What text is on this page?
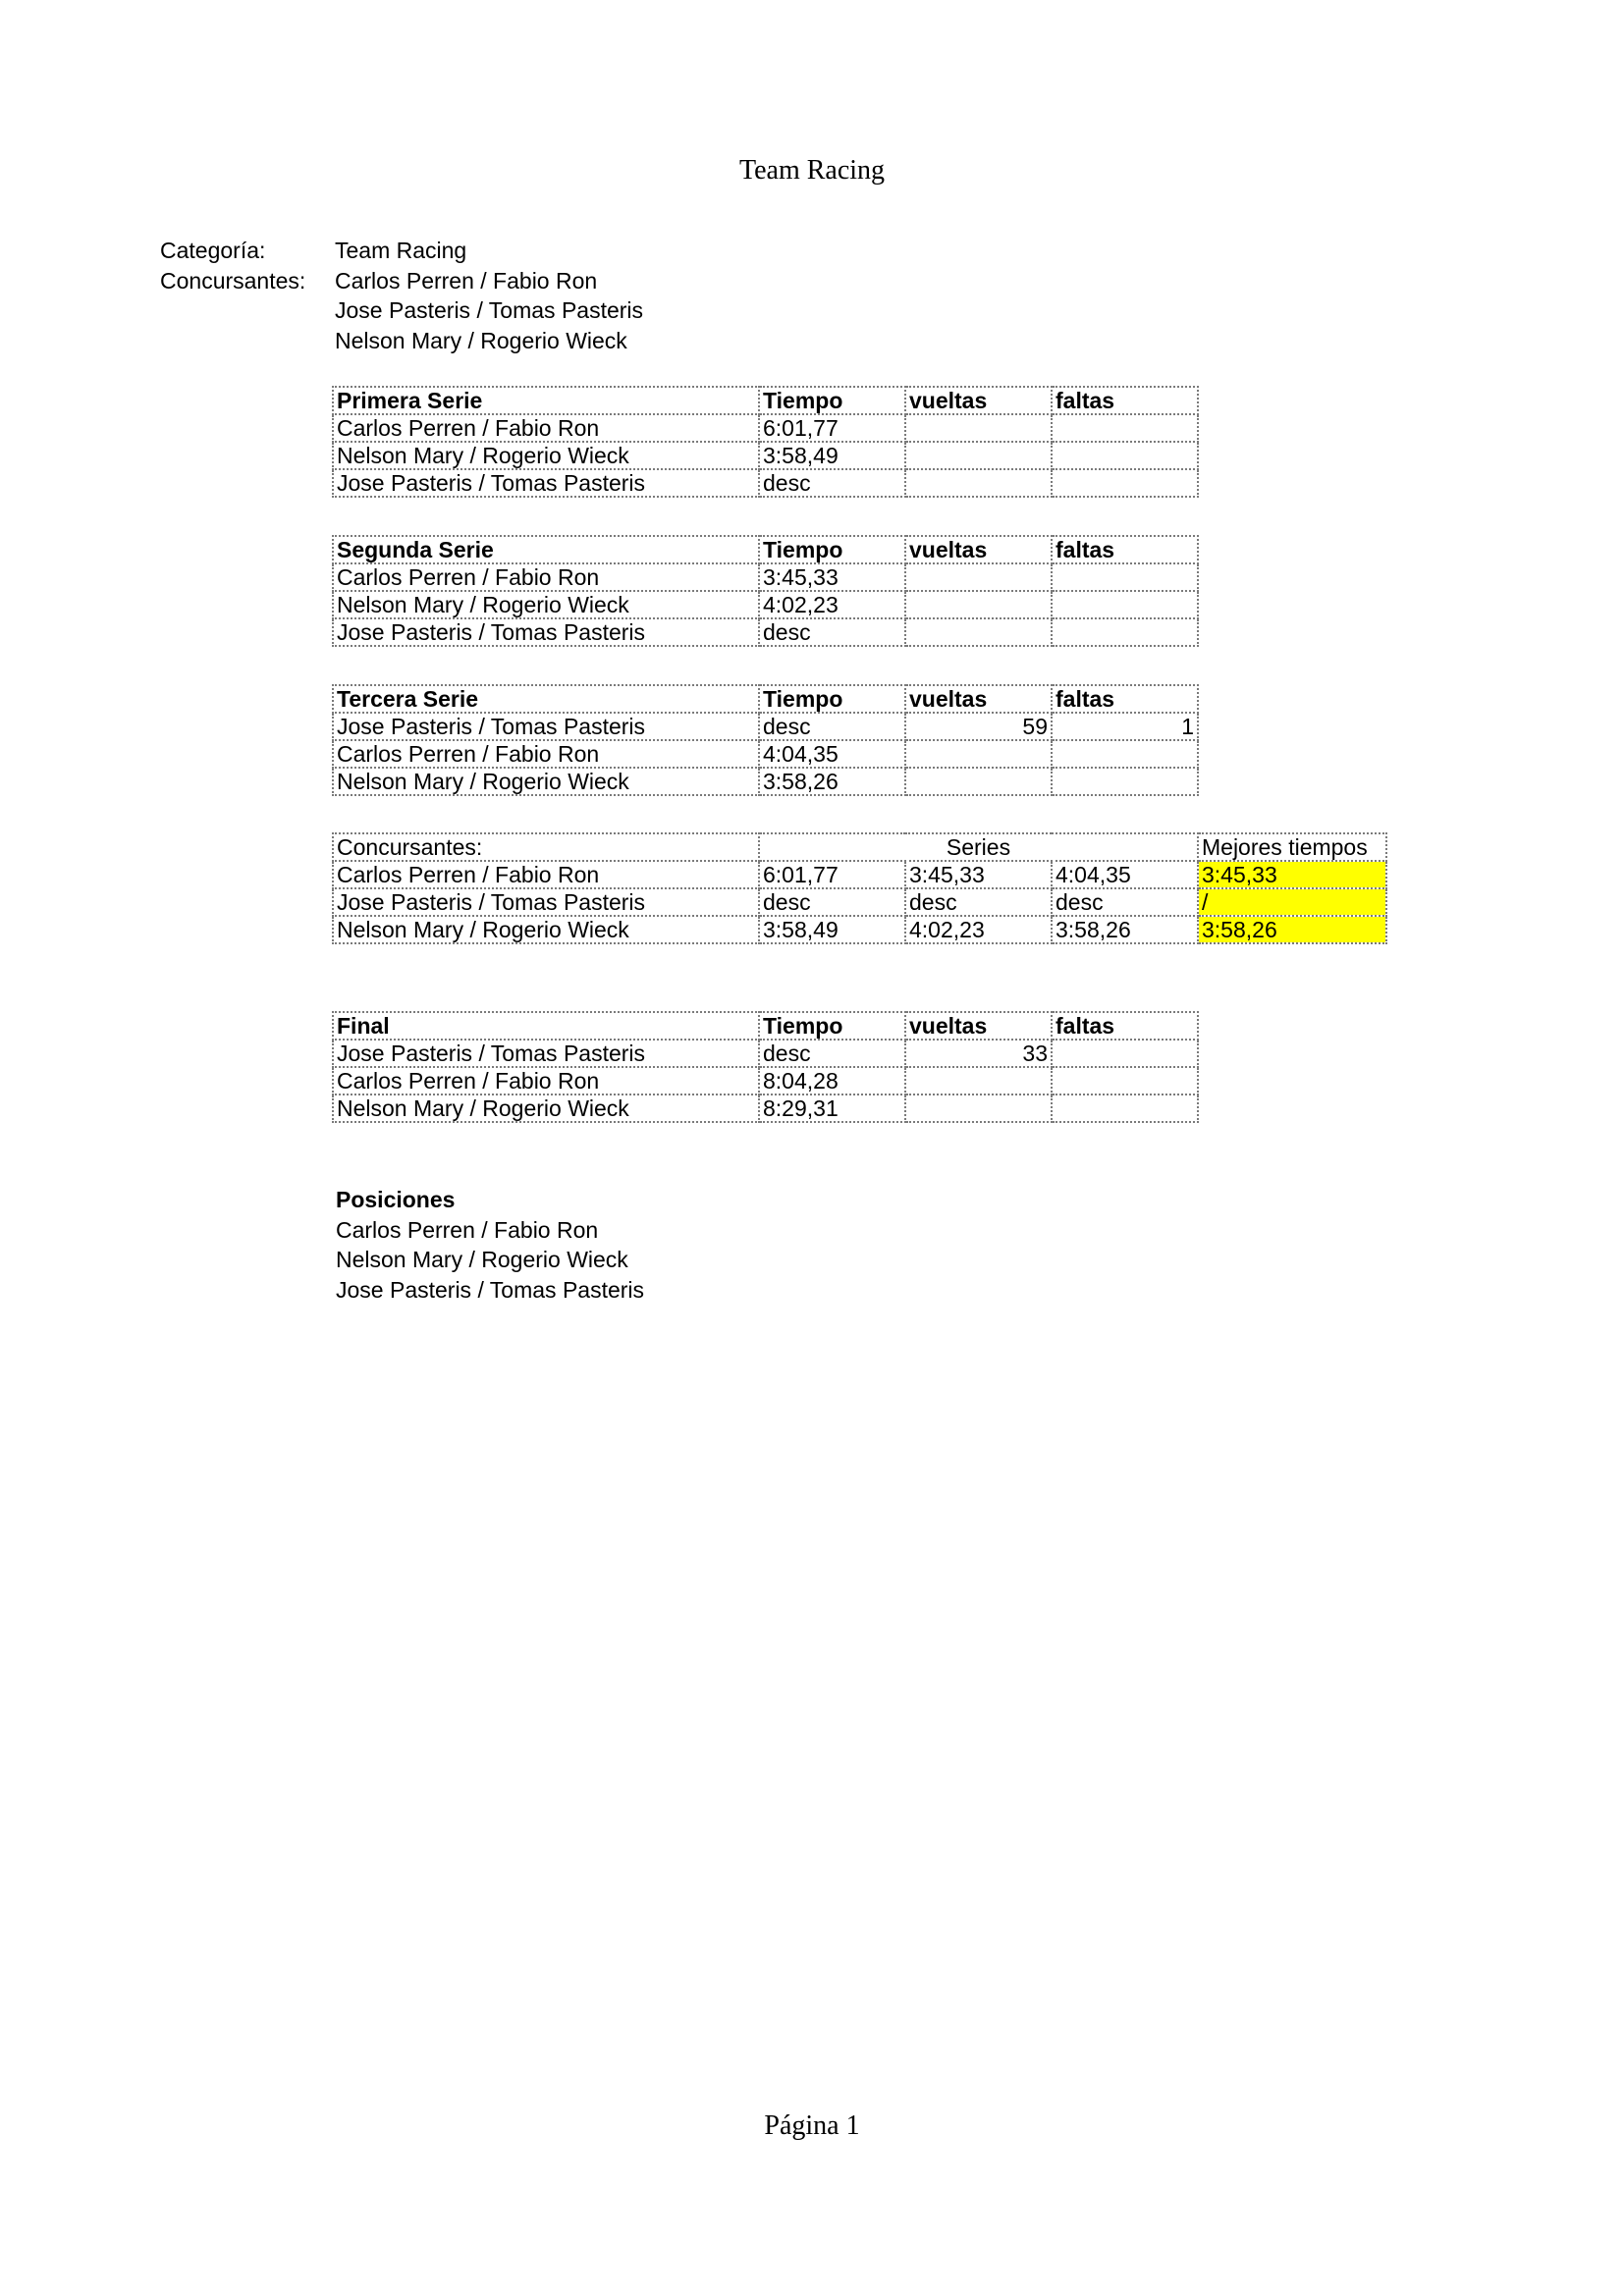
Team Racing
Categoría:	Team Racing
Concursantes:	Carlos Perren / Fabio Ron
Jose Pasteris / Tomas Pasteris
Nelson Mary / Rogerio Wieck
Primera Serie	Tiempo	vueltas	faltas
Carlos Perren / Fabio Ron	6:01,77		
Nelson Mary / Rogerio Wieck	3:58,49		
Jose Pasteris / Tomas Pasteris	desc		
Segunda Serie	Tiempo	vueltas	faltas
Carlos Perren / Fabio Ron	3:45,33		
Nelson Mary / Rogerio Wieck	4:02,23		
Jose Pasteris / Tomas Pasteris	desc		
Tercera Serie	Tiempo	vueltas	faltas
Jose Pasteris / Tomas Pasteris	desc	59	1
Carlos Perren / Fabio Ron	4:04,35		
Nelson Mary / Rogerio Wieck	3:58,26		
Concursantes:	Series			Mejores tiempos
Carlos Perren / Fabio Ron	6:01,77	3:45,33	4:04,35	3:45,33
Jose Pasteris / Tomas Pasteris	desc	desc	desc	/
Nelson Mary / Rogerio Wieck	3:58,49	4:02,23	3:58,26	3:58,26
Final	Tiempo	vueltas	faltas
Jose Pasteris / Tomas Pasteris	desc	33	
Carlos Perren / Fabio Ron	8:04,28		
Nelson Mary / Rogerio Wieck	8:29,31		
Posiciones
Carlos Perren / Fabio Ron
Nelson Mary / Rogerio Wieck
Jose Pasteris / Tomas Pasteris
Página 1
